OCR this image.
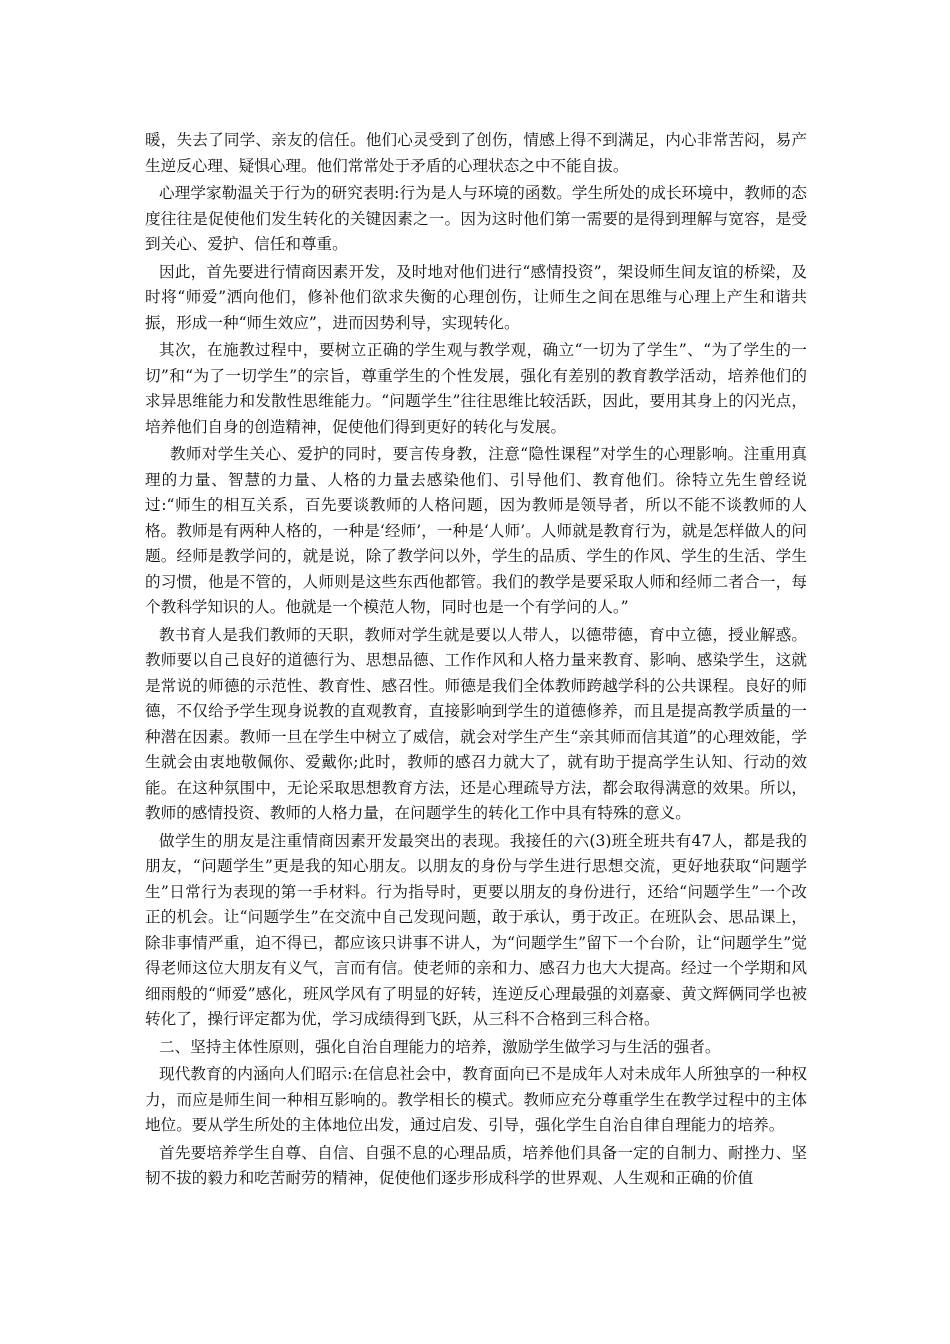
暖，失去了同学、亲友的信任。他们心灵受到了创伤，情感上得不到满足，内心非常苦闷，易产生逆反心理、疑惧心理。他们常常处于矛盾的心理状态之中不能自拔。

心理学家勒温关于行为的研究表明:行为是人与环境的函数。学生所处的成长环境中，教师的态度往往是促使他们发生转化的关键因素之一。因为这时他们第一需要的是得到理解与宽容，是受到关心、爱护、信任和尊重。

因此，首先要进行情商因素开发，及时地对他们进行“感情投资”，架设师生间友谊的桥梁，及时将“师爱”洒向他们，修补他们欲求失衡的心理创伤，让师生之间在思维与心理上产生和谐共振，形成一种“师生效应”，进而因势利导，实现转化。

其次，在施教过程中，要树立正确的学生观与教学观，确立“一切为了学生”、“为了学生的一切”和“为了一切学生”的宗旨，尊重学生的个性发展，强化有差别的教育教学活动，培养他们的求异思维能力和发散性思维能力。“问题学生”往往思维比较活跃，因此，要用其身上的闪光点，培养他们自身的创造精神，促使他们得到更好的转化与发展。

教师对学生关心、爱护的同时，要言传身教，注意“隐性课程”对学生的心理影响。注重用真理的力量、智慧的力量、人格的力量去感染他们、引导他们、教育他们。徐特立先生曾经说过:“师生的相互关系，百先要谈教师的人格问题，因为教师是领导者，所以不能不谈教师的人格。教师是有两种人格的，一种是‘经师’，一种是‘人师’。人师就是教育行为，就是怎样做人的问题。经师是教学问的，就是说，除了教学问以外，学生的品质、学生的作风、学生的生活、学生的习惯，他是不管的，人师则是这些东西他都管。我们的教学是要采取人师和经师二者合一，每个教科学知识的人。他就是一个模范人物，同时也是一个有学问的人。”

教书育人是我们教师的天职，教师对学生就是要以人带人，以德带德，育中立德，授业解惑。教师要以自己良好的道德行为、思想品德、工作作风和人格力量来教育、影响、感染学生，这就是常说的师德的示范性、教育性、感召性。师德是我们全体教师跨越学科的公共课程。良好的师德，不仅给予学生现身说教的直观教育，直接影响到学生的道德修养，而且是提高教学质量的一种潜在因素。教师一旦在学生中树立了威信，就会对学生产生“亲其师而信其道”的心理效能，学生就会由衷地敬佩你、爱戴你;此时，教师的感召力就大了，就有助于提高学生认知、行动的效能。在这种氛围中，无论采取思想教育方法，还是心理疏导方法，都会取得满意的效果。所以，教师的感情投资、教师的人格力量，在问题学生的转化工作中具有特殊的意义。

做学生的朋友是注重情商因素开发最突出的表现。我接任的六(3)班全班共有47人，都是我的朋友，“问题学生”更是我的知心朋友。以朋友的身份与学生进行思想交流，更好地获取“问题学生”日常行为表现的第一手材料。行为指导时，更要以朋友的身份进行，还给“问题学生”一个改正的机会。让“问题学生”在交流中自己发现问题，敢于承认，勇于改正。在班队会、思品课上，除非事情严重，迫不得已，都应该只讲事不讲人，为“问题学生”留下一个台阶，让“问题学生”觉得老师这位大朋友有义气，言而有信。使老师的亲和力、感召力也大大提高。经过一个学期和风细雨般的“师爱”感化，班风学风有了明显的好转，连逆反心理最强的刘嘉豪、黄文辉俩同学也被转化了，操行评定都为优，学习成绩得到飞跃，从三科不合格到三科合格。

二、坚持主体性原则，强化自治自理能力的培养，激励学生做学习与生活的强者。

现代教育的内涵向人们昭示:在信息社会中，教育面向已不是成年人对未成年人所独享的一种权力，而应是师生间一种相互影响的。教学相长的模式。教师应充分尊重学生在教学过程中的主体地位。要从学生所处的主体地位出发，通过启发、引导，强化学生自治自律自理能力的培养。

首先要培养学生自尊、自信、自强不息的心理品质，培养他们具备一定的自制力、耐挫力、坚韧不拔的毅力和吃苦耐劳的精神，促使他们逐步形成科学的世界观、人生观和正确的价值
